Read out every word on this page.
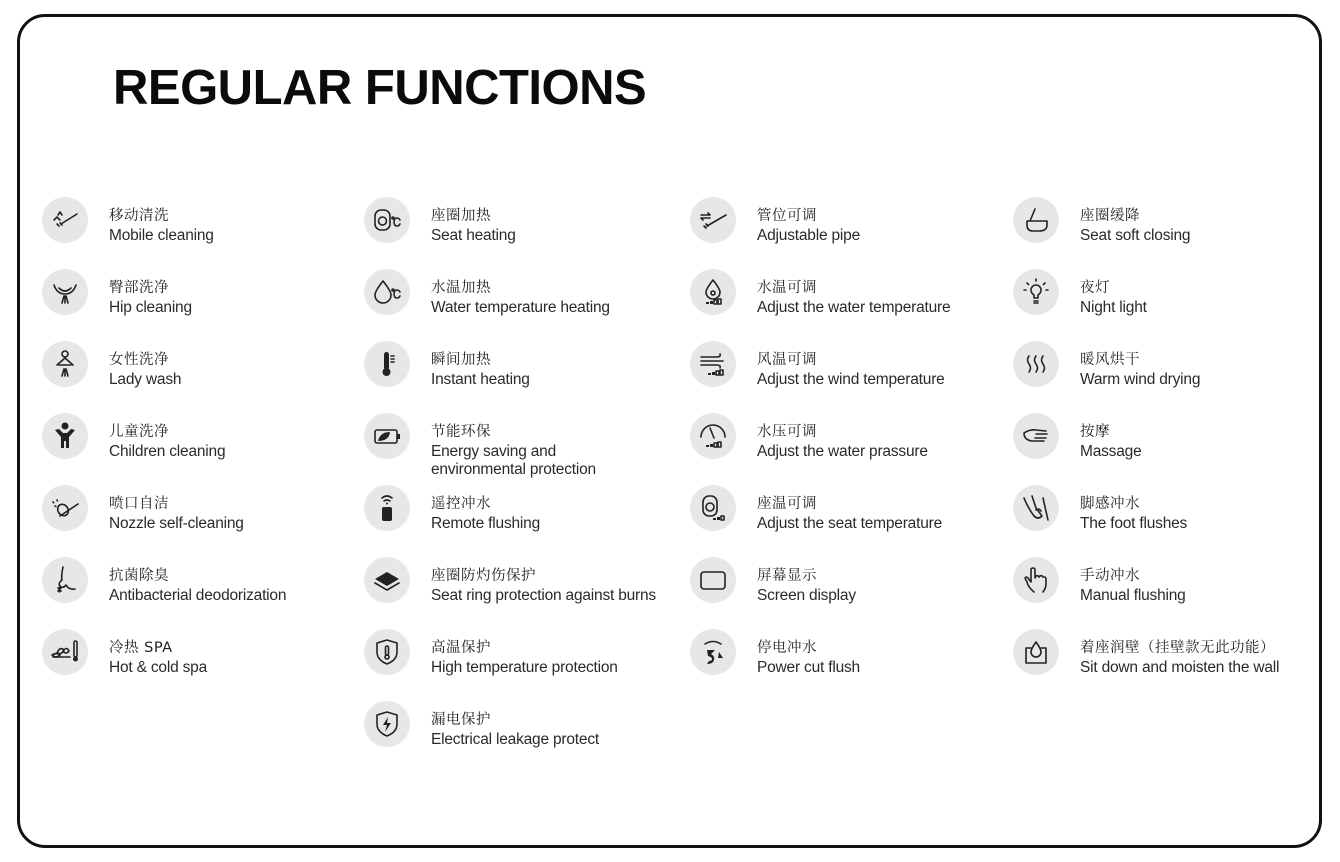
REGULAR FUNCTIONS
移动清洗
Mobile cleaning
臀部洗净
Hip cleaning
女性洗净
Lady wash
儿童洗净
Children cleaning
喷口自洁
Nozzle self-cleaning
抗菌除臭
Antibacterial deodorization
冷热 SPA
Hot & cold spa
座圈加热
Seat heating
水温加热
Water temperature heating
瞬间加热
Instant heating
节能环保
Energy saving and environmental protection
遥控冲水
Remote flushing
座圈防灼伤保护
Seat ring protection against burns
高温保护
High temperature protection
漏电保护
Electrical leakage protect
管位可调
Adjustable pipe
水温可调
Adjust the water temperature
风温可调
Adjust the wind temperature
水压可调
Adjust the water prassure
座温可调
Adjust the seat temperature
屏幕显示
Screen display
停电冲水
Power cut flush
座圈缓降
Seat soft closing
夜灯
Night light
暖风烘干
Warm wind drying
按摩
Massage
脚感冲水
The foot flushes
手动冲水
Manual flushing
着座润壁（挂壁款无此功能）
Sit down and moisten the wall
